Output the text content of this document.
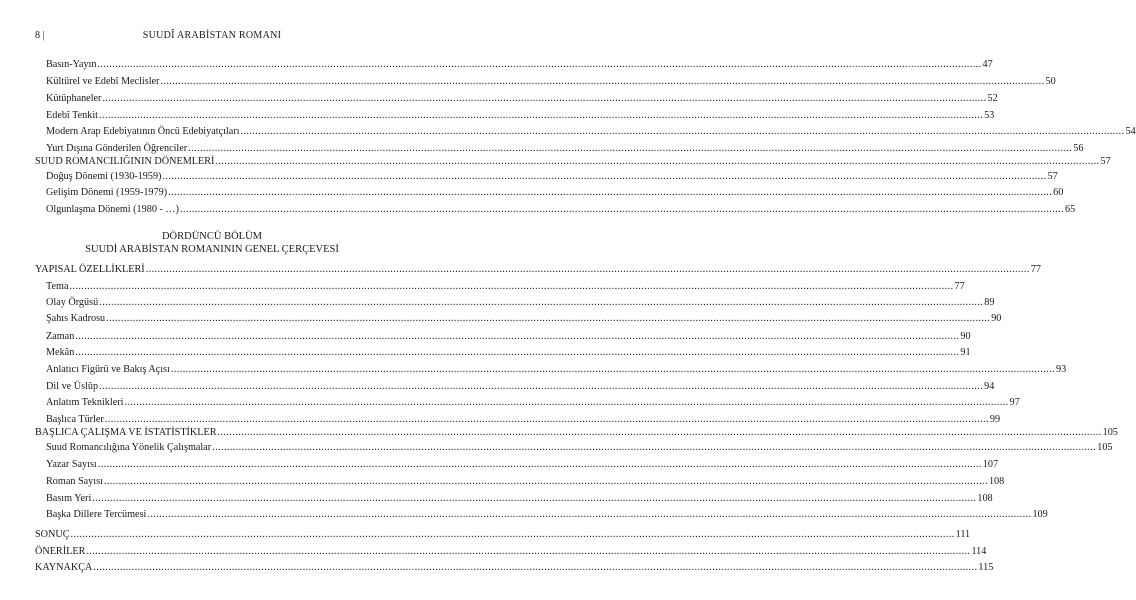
8 |	SUUDÎ ARABİSTAN ROMANI
Basın-Yayın ............................................................................................................................................................................................................................................................................................................ 47
Kültürel ve Edebî Meclisler ............................................................................................................................................................................................................................................................................................................ 50
Kütüphaneler ............................................................................................................................................................................................................................................................................................................ 52
Edebî Tenkit ............................................................................................................................................................................................................................................................................................................ 53
Modern Arap Edebiyatının Öncü Edebiyatçıları ............................................................................................................................................................................................................................................................................................................ 54
Yurt Dışına Gönderilen Öğrenciler ............................................................................................................................................................................................................................................................................................................ 56
SUUD ROMANCILIĞININ DÖNEMLERİ ............................................................................................................................................................................................................................................................................................................ 57
Doğuş Dönemi (1930-1959) ............................................................................................................................................................................................................................................................................................................ 57
Gelişim Dönemi (1959-1979) ............................................................................................................................................................................................................................................................................................................ 60
Olgunlaşma Dönemi (1980 - …) ............................................................................................................................................................................................................................................................................................................ 65
DÖRDÜNCÜ BÖLÜM
SUUDİ ARABİSTAN ROMANININ GENEL ÇERÇEVESİ
YAPISAL ÖZELLİKLERİ ............................................................................................................................................................................................................................................................................................................ 77
Tema ............................................................................................................................................................................................................................................................................................................ 77
Olay Örgüsü ............................................................................................................................................................................................................................................................................................................ 89
Şahıs Kadrosu ............................................................................................................................................................................................................................................................................................................ 90
Zaman ............................................................................................................................................................................................................................................................................................................ 90
Mekân ............................................................................................................................................................................................................................................................................................................ 91
Anlatıcı Figürü ve Bakış Açısı ............................................................................................................................................................................................................................................................................................................ 93
Dil ve Üslûp ............................................................................................................................................................................................................................................................................................................ 94
Anlatım Teknikleri ............................................................................................................................................................................................................................................................................................................ 97
Başlıca Türler ............................................................................................................................................................................................................................................................................................................ 99
BAŞLICA ÇALIŞMA VE İSTATİSTİKLER ............................................................................................................................................................................................................................................................................................................ 105
Suud Romancılığına Yönelik Çalışmalar ............................................................................................................................................................................................................................................................................................................ 105
Yazar Sayısı ............................................................................................................................................................................................................................................................................................................ 107
Roman Sayısı ............................................................................................................................................................................................................................................................................................................ 108
Basım Yeri ............................................................................................................................................................................................................................................................................................................ 108
Başka Dillere Tercümesi ............................................................................................................................................................................................................................................................................................................ 109
SONUÇ ............................................................................................................................................................................................................................................................................................................ 111
ÖNERİLER ............................................................................................................................................................................................................................................................................................................ 114
KAYNAKÇA ............................................................................................................................................................................................................................................................................................................ 115
